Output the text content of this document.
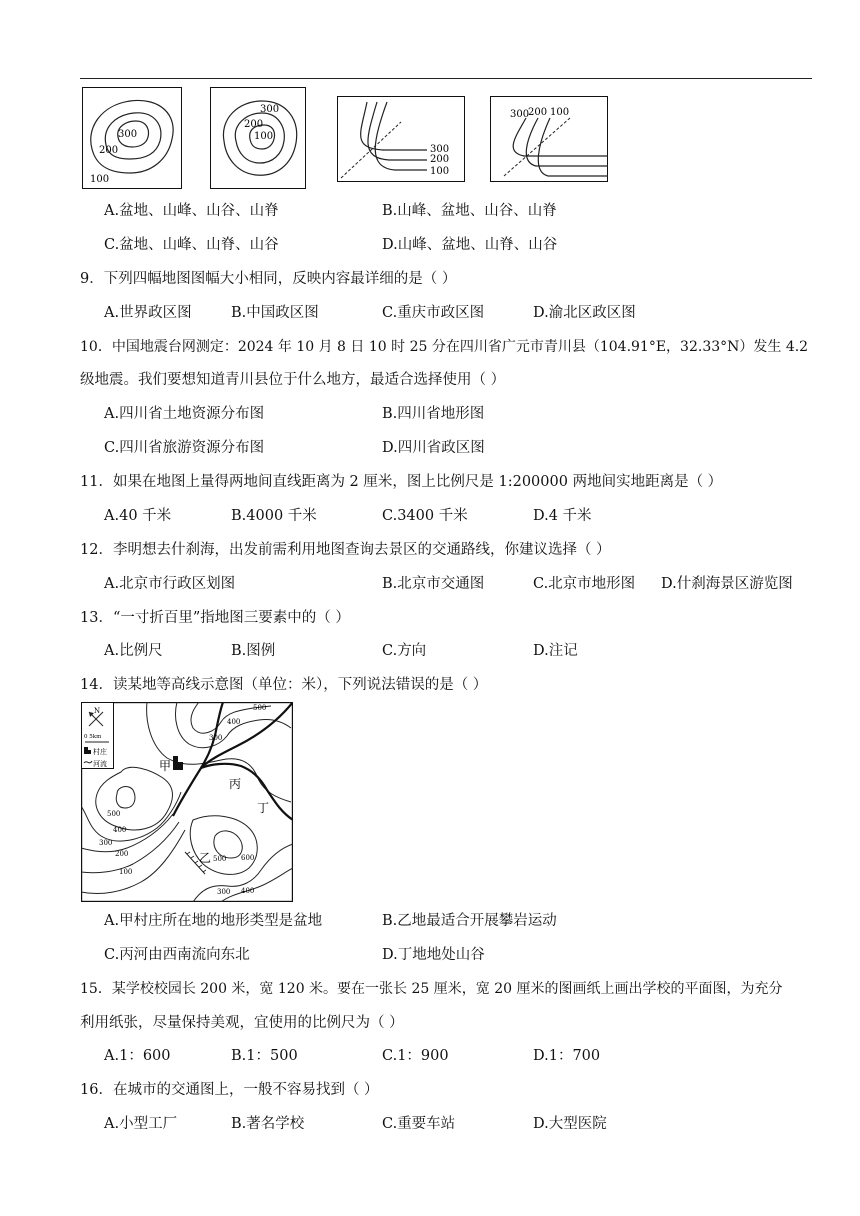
300
200
100
300
200
100
300
200
100
300
200 100
A.盆地、山峰、山谷、山脊	B.山峰、盆地、山谷、山脊
C.盆地、山峰、山脊、山谷	D.山峰、盆地、山脊、山谷
9．下列四幅地图图幅大小相同，反映内容最详细的是（ ）
A.世界政区图	B.中国政区图	C.重庆市政区图	D.渝北区政区图
10．中国地震台网测定：2024 年 10 月 8 日 10 时 25 分在四川省广元市青川县（104.91°E，32.33°N）发生 4.2
级地震。我们要想知道青川县位于什么地方，最适合选择使用（ ）
A.四川省土地资源分布图	B.四川省地形图
C.四川省旅游资源分布图	D.四川省政区图
11．如果在地图上量得两地间直线距离为 2 厘米，图上比例尺是 1:200000 两地间实地距离是（ ）
A.40 千米	B.4000 千米	C.3400 千米	D.4 千米
12．李明想去什刹海，出发前需利用地图查询去景区的交通路线，你建议选择（ ）
A.北京市行政区划图	B.北京市交通图	C.北京市地形图 D.什刹海景区游览图
13．“一寸折百里”指地图三要素中的（ ）
A.比例尺	B.图例	C.方向	D.注记
14．读某地等高线示意图（单位：米），下列说法错误的是（ ）
N
0 5km
村庄
河流	甲
乙
丙
丁
500
400
300
500
400
300
200
100
500 600
300 400
A.甲村庄所在地的地形类型是盆地	B.乙地最适合开展攀岩运动
C.丙河由西南流向东北	D.丁地地处山谷
15．某学校校园长 200 米，宽 120 米。要在一张长 25 厘米，宽 20 厘米的图画纸上画出学校的平面图，为充分
利用纸张，尽量保持美观，宜使用的比例尺为（ ）
A.1：600	B.1：500	C.1：900	D.1：700
16．在城市的交通图上，一般不容易找到（ ）
A.小型工厂	B.著名学校	C.重要车站	D.大型医院
